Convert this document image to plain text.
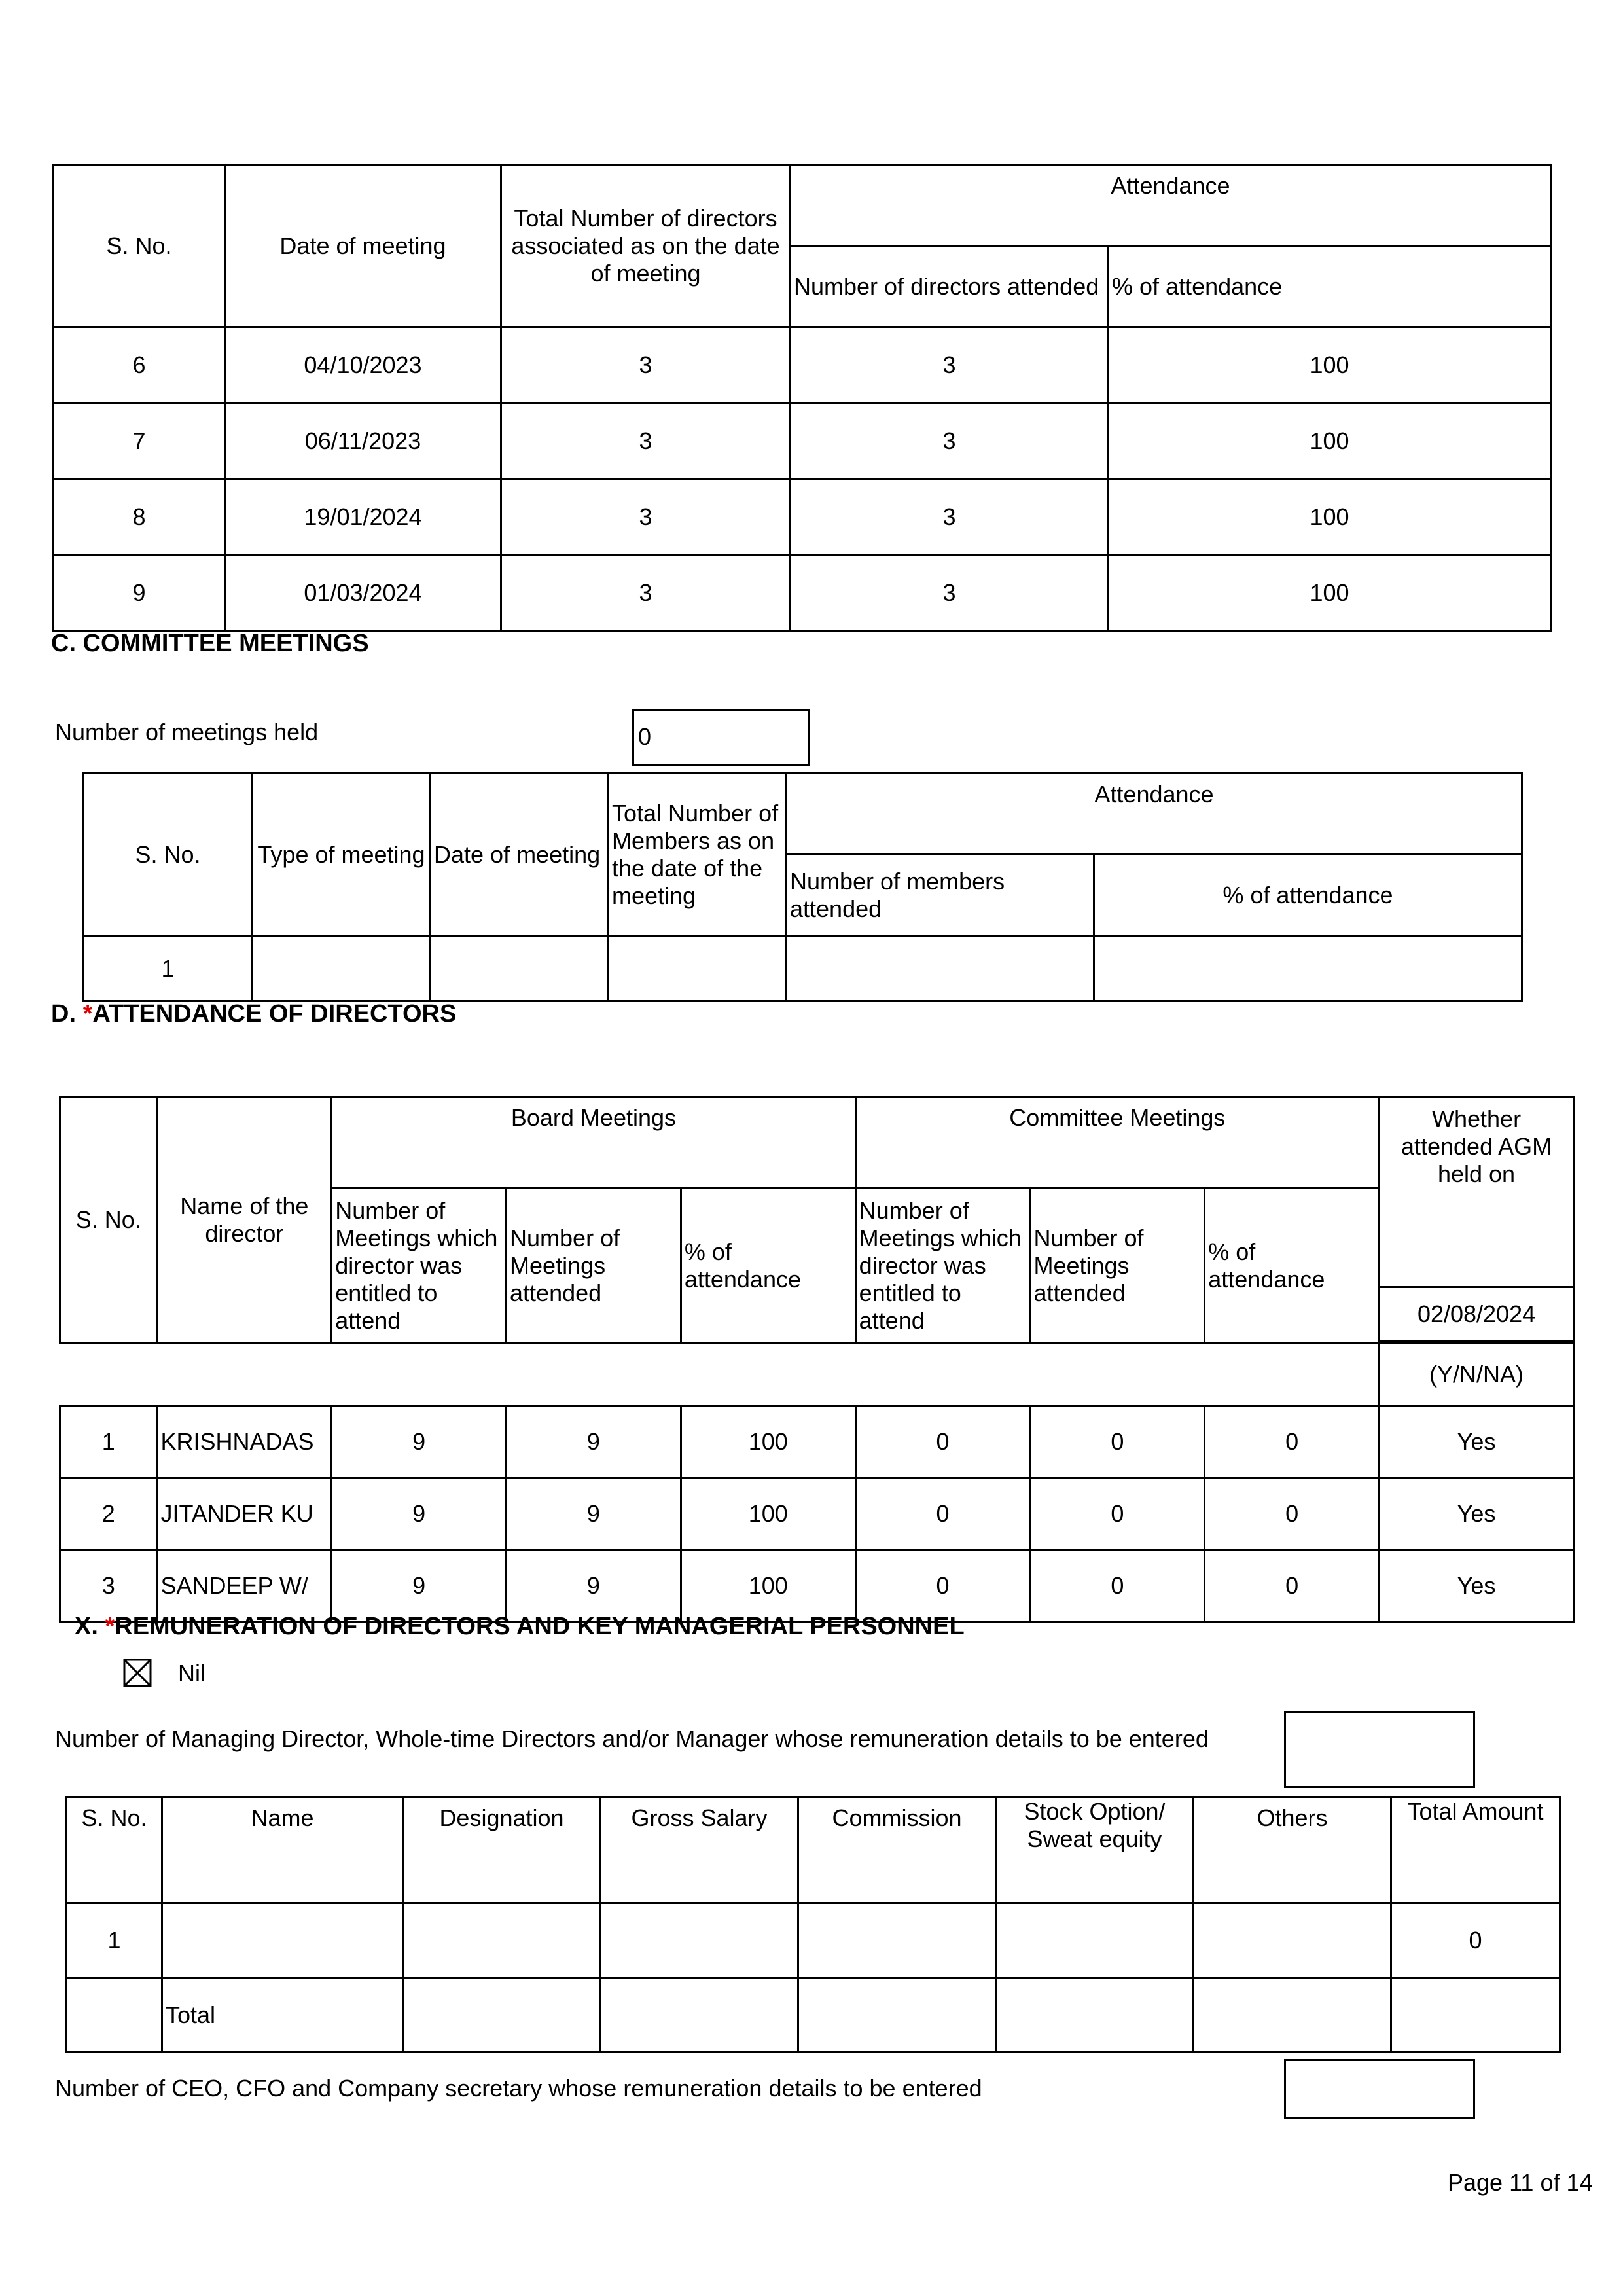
S. No.	Date of meeting	Total Number of directors associated as on the date of meeting	Attendance	
			Number of directors attended	% of attendance
6	04/10/2023	3	3	100
7	06/11/2023	3	3	100
8	19/01/2024	3	3	100
9	01/03/2024	3	3	100
C. COMMITTEE MEETINGS
Number of meetings held	0
S. No.	Type of meeting	Date of meeting	Total Number of Members as on the date of the meeting	Attendance	
				Number of members attended	% of attendance
1					
D. *ATTENDANCE OF DIRECTORS
S. No.	Name of the director	Board Meetings			Committee Meetings			Whether attended AGM held on
		Number of Meetings which director was entitled to attend	Number of Meetings attended	% of attendance	Number of Meetings which director was entitled to attend	Number of Meetings attended	% of attendance	02/08/2024

								(Y/N/NA)
1	KRISHNADAS	9	9	100	0	0	0	Yes
2	JITANDER KU	9	9	100	0	0	0	Yes
3	SANDEEP W/	9	9	100	0	0	0	Yes
X. *REMUNERATION OF DIRECTORS AND KEY MANAGERIAL PERSONNEL
Nil
Number of Managing Director, Whole-time Directors and/or Manager whose remuneration details to be entered
S. No.	Name	Designation	Gross Salary	Commission	Stock Option/ Sweat equity	Others	Total Amount
1							0
	Total						
Number of CEO, CFO and Company secretary whose remuneration details to be entered
Page 11 of 14
